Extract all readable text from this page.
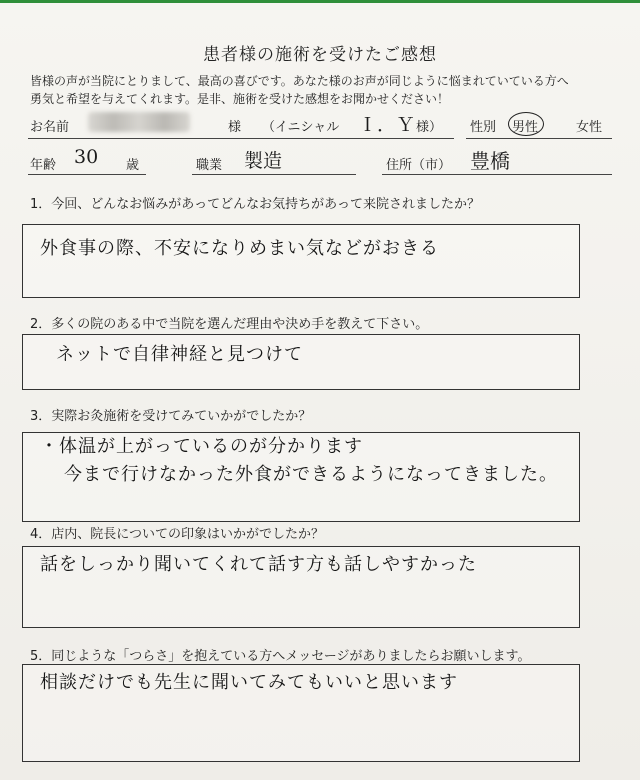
患者様の施術を受けたご感想
皆様の声が当院にとりまして、最高の喜びです。あなた様のお声が同じように悩まれていている方へ
勇気と希望を与えてくれます。是非、施術を受けた感想をお聞かせください！
お名前	様 （イニシャル Ｉ．Ｙ 様） 性別 男性	女性
年齢 30 歳	職業 製造	住所（市） 豊橋
1．今回、どんなお悩みがあってどんなお気持ちがあって来院されましたか？
外食事の際、不安になりめまい気などがおきる
2．多くの院のある中で当院を選んだ理由や決め手を教えて下さい。
ネットで自律神経と見つけて
3．実際お灸施術を受けてみていかがでしたか？
・体温が上がっているのが分かります
今まで行けなかった外食ができるようになってきました。
4．店内、院長についての印象はいかがでしたか？
話をしっかり聞いてくれて話す方も話しやすかった
5．同じような「つらさ」を抱えている方へメッセージがありましたらお願いします。
相談だけでも先生に聞いてみてもいいと思います
